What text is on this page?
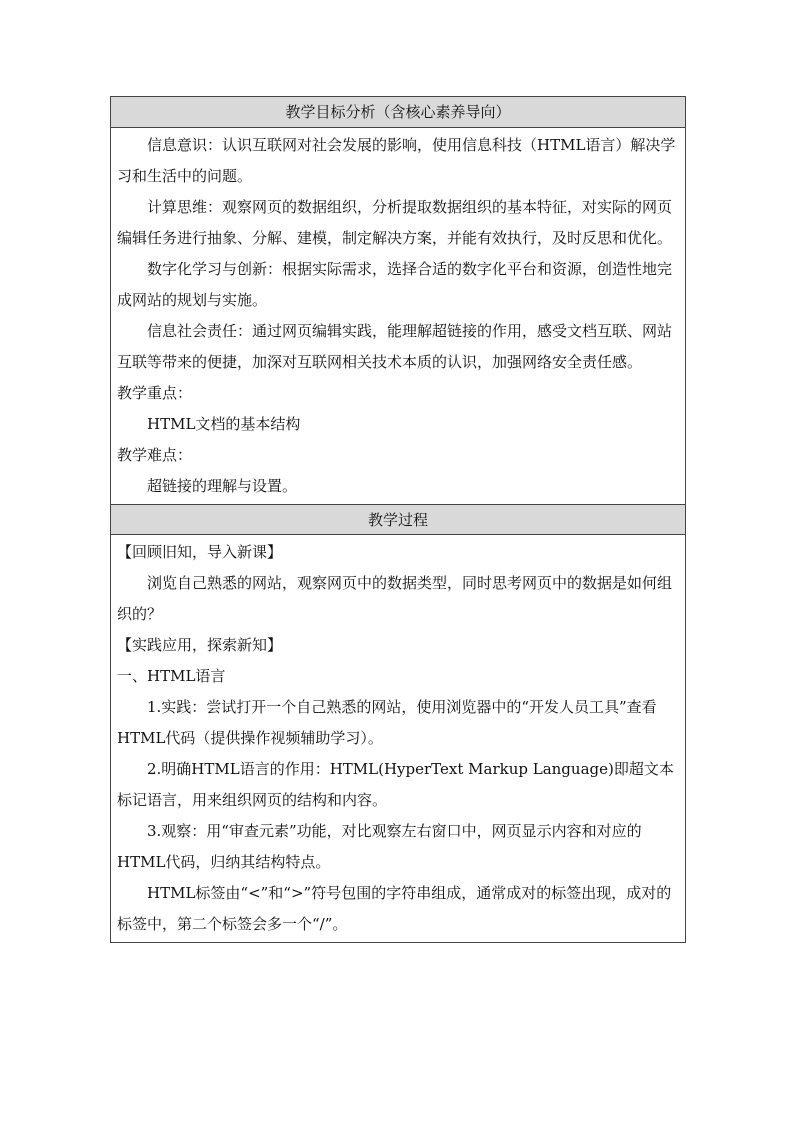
教学目标分析（含核心素养导向）

信息意识：认识互联网对社会发展的影响，使用信息科技（HTML语言）解决学习和生活中的问题。

计算思维：观察网页的数据组织，分析提取数据组织的基本特征，对实际的网页编辑任务进行抽象、分解、建模，制定解决方案，并能有效执行，及时反思和优化。

数字化学习与创新：根据实际需求，选择合适的数字化平台和资源，创造性地完成网站的规划与实施。

信息社会责任：通过网页编辑实践，能理解超链接的作用，感受文档互联、网站互联等带来的便捷，加深对互联网相关技术本质的认识，加强网络安全责任感。

教学重点：

HTML文档的基本结构

教学难点：

超链接的理解与设置。

教学过程

【回顾旧知，导入新课】

浏览自己熟悉的网站，观察网页中的数据类型，同时思考网页中的数据是如何组织的？

【实践应用，探索新知】

一、HTML语言

1.实践：尝试打开一个自己熟悉的网站，使用浏览器中的“开发人员工具”查看HTML代码（提供操作视频辅助学习）。

2.明确HTML语言的作用：HTML(HyperText Markup Language)即超文本标记语言，用来组织网页的结构和内容。

3.观察：用“审查元素”功能，对比观察左右窗口中，网页显示内容和对应的HTML代码，归纳其结构特点。

HTML标签由“<”和“>”符号包围的字符串组成，通常成对的标签出现，成对的标签中，第二个标签会多一个“/”。
